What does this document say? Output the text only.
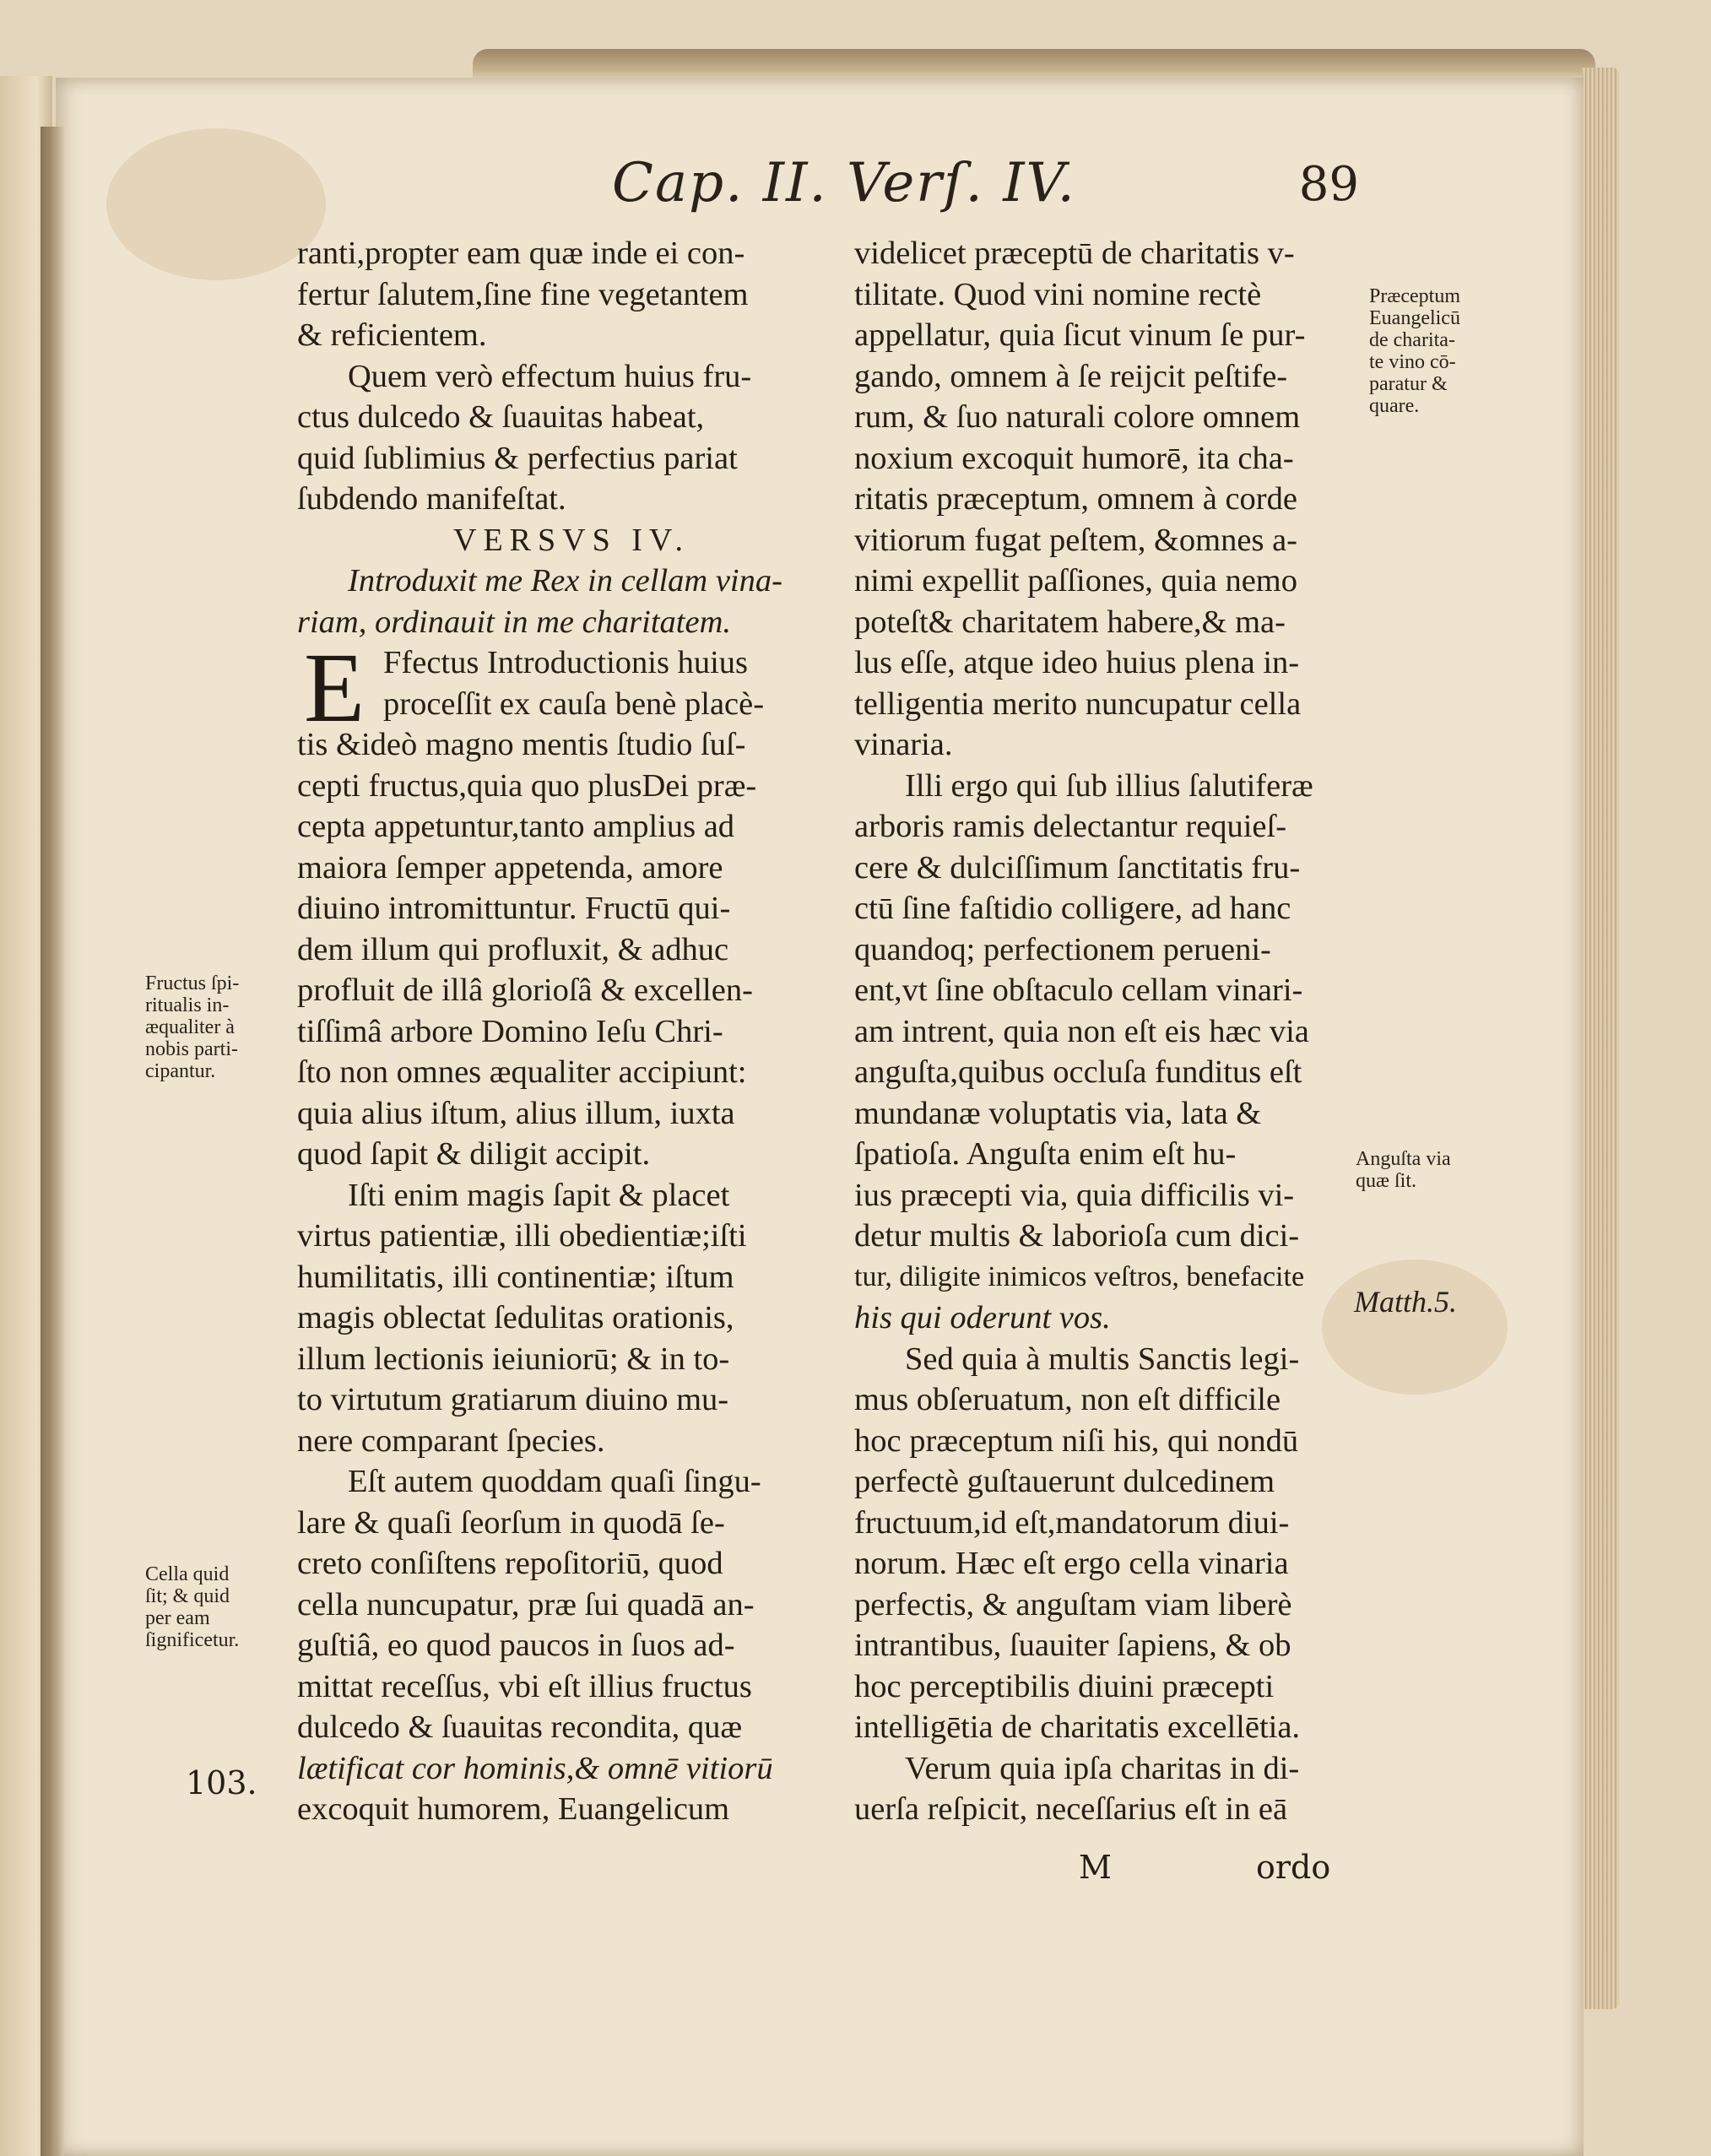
Cap. II. Verſ. IV.	89
ranti,propter eam quæ inde ei con-
fertur ſalutem,ſine fine vegetantem
& reficientem.
Quem verò effectum huius fru-
ctus dulcedo & ſuauitas habeat,
quid ſublimius & perfectius pariat
ſubdendo manifeſtat.
VERSVS IV.
Introduxit me Rex in cellam vina-
riam, ordinauit in me charitatem.
E Ffectus Introductionis huius
proceſſit ex cauſa benè placè-
tis &ideò magno mentis ſtudio ſuſ-
cepti fructus,quia quo plusDei præ-
cepta appetuntur,tanto amplius ad
maiora ſemper appetenda, amore
diuino intromittuntur. Fructū qui-
dem illum qui profluxit, & adhuc
profluit de illâ glorioſâ & excellen-
tiſſimâ arbore Domino Ieſu Chri-
ſto non omnes æqualiter accipiunt:
quia alius iſtum, alius illum, iuxta
quod ſapit & diligit accipit.
Iſti enim magis ſapit & placet
virtus patientiæ, illi obedientiæ;iſti
humilitatis, illi continentiæ; iſtum
magis oblectat ſedulitas orationis,
illum lectionis ieiuniorū; & in to-
to virtutum gratiarum diuino mu-
nere comparant ſpecies.
Eſt autem quoddam quaſi ſingu-
lare & quaſi ſeorſum in quodā ſe-
creto conſiſtens repoſitoriū, quod
cella nuncupatur, præ ſui quadā an-
guſtiâ, eo quod paucos in ſuos ad-
mittat receſſus, vbi eſt illius fructus
dulcedo & ſuauitas recondita, quæ
lætificat cor hominis,& omnē vitiorū
excoquit humorem, Euangelicum
videlicet præceptū de charitatis v-
tilitate. Quod vini nomine rectè
appellatur, quia ſicut vinum ſe pur-
gando, omnem à ſe reijcit peſtife-
rum, & ſuo naturali colore omnem
noxium excoquit humorē, ita cha-
ritatis præceptum, omnem à corde
vitiorum fugat peſtem, &omnes a-
nimi expellit paſſiones, quia nemo
poteſt& charitatem habere,& ma-
lus eſſe, atque ideo huius plena in-
telligentia merito nuncupatur cella
vinaria.
Illi ergo qui ſub illius ſalutiferæ
arboris ramis delectantur requieſ-
cere & dulciſſimum ſanctitatis fru-
ctū ſine faſtidio colligere, ad hanc
quandoq; perfectionem perueni-
ent,vt ſine obſtaculo cellam vinari-
am intrent, quia non eſt eis hæc via
anguſta,quibus occluſa funditus eſt
mundanæ voluptatis via, lata &
ſpatioſa. Anguſta enim eſt hu-
ius præcepti via, quia difficilis vi-
detur multis & laborioſa cum dici-
tur, diligite inimicos veſtros, benefacite
his qui oderunt vos.
Sed quia à multis Sanctis legi-
mus obſeruatum, non eſt difficile
hoc præceptum niſi his, qui nondū
perfectè guſtauerunt dulcedinem
fructuum,id eſt,mandatorum diui-
norum. Hæc eſt ergo cella vinaria
perfectis, & anguſtam viam liberè
intrantibus, ſuauiter ſapiens, & ob
hoc perceptibilis diuini præcepti
intelligētia de charitatis excellētia.
Verum quia ipſa charitas in di-
uerſa reſpicit, neceſſarius eſt in eā
Fructus ſpi-
ritualis in-
æqualiter à
nobis parti-
cipantur.
Cella quid
ſit; & quid
per eam
ſignificetur.
103.
Præceptum
Euangelicū
de charita-
te vino cō-
paratur &
quare.
Anguſta via
quæ ſit.
Matth.5.
M	ordo
